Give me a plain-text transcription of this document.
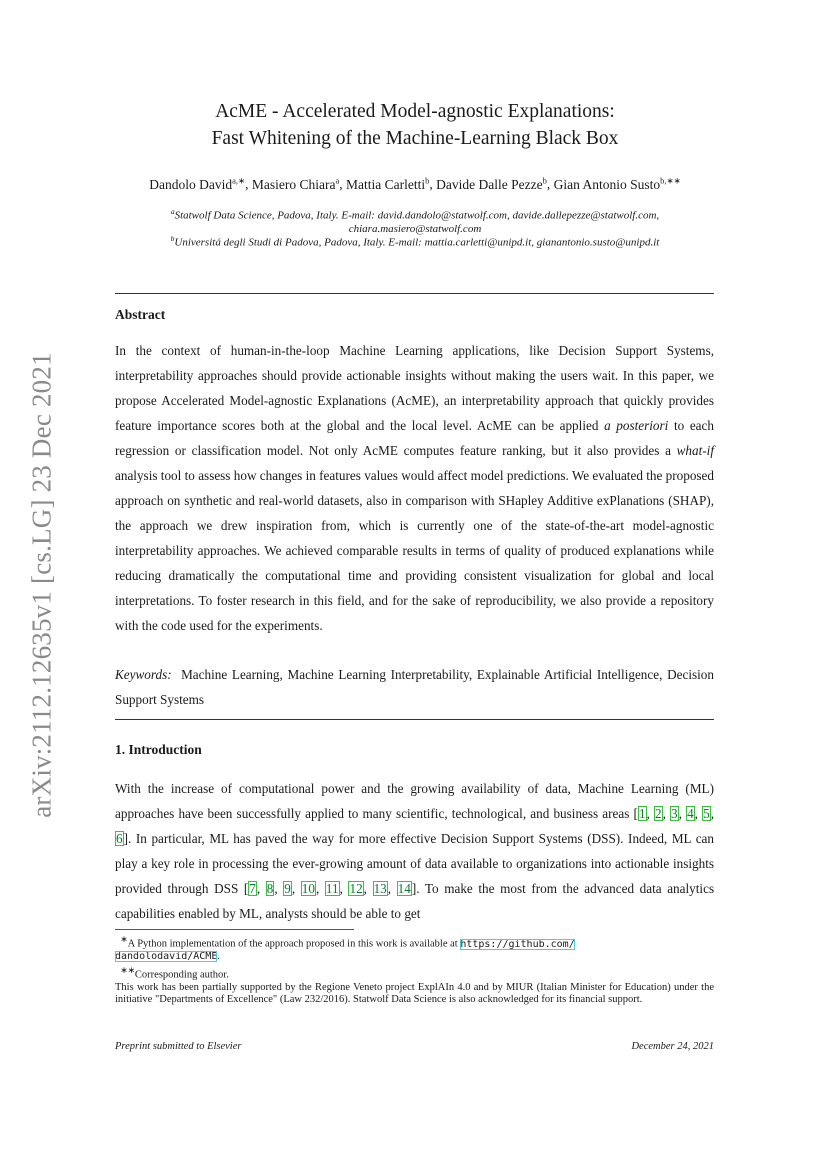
arXiv:2112.12635v1 [cs.LG] 23 Dec 2021
AcME - Accelerated Model-agnostic Explanations:
Fast Whitening of the Machine-Learning Black Box
Dandolo David$^{a,∗}$, Masiero Chiara$^a$, Mattia Carletti$^b$, Davide Dalle Pezze$^b$, Gian Antonio Susto$^{b,∗∗}$
$^a$Statwolf Data Science, Padova, Italy. E-mail: david.dandolo@statwolf.com, davide.dallepezze@statwolf.com,
chiara.masiero@statwolf.com
$^b$Universitá degli Studi di Padova, Padova, Italy. E-mail: mattia.carletti@unipd.it, gianantonio.susto@unipd.it
Abstract
In the context of human-in-the-loop Machine Learning applications, like Decision Support Systems, interpretability approaches should provide actionable insights without making the users wait. In this paper, we propose Accelerated Model-agnostic Explanations (AcME), an interpretability approach that quickly provides feature importance scores both at the global and the local level. AcME can be applied a posteriori to each regression or classification model. Not only AcME computes feature ranking, but it also provides a what-if analysis tool to assess how changes in features values would affect model predictions. We evaluated the proposed approach on synthetic and real-world datasets, also in comparison with SHapley Additive exPlanations (SHAP), the approach we drew inspiration from, which is currently one of the state-of-the-art model-agnostic interpretability approaches. We achieved comparable results in terms of quality of produced explanations while reducing dramatically the computational time and providing consistent visualization for global and local interpretations. To foster research in this field, and for the sake of reproducibility, we also provide a repository with the code used for the experiments.
Keywords: Machine Learning, Machine Learning Interpretability, Explainable Artificial Intelligence, Decision Support Systems
1. Introduction
With the increase of computational power and the growing availability of data, Machine Learning (ML) approaches have been successfully applied to many scientific, technological, and business areas [1, 2, 3, 4, 5, 6]. In particular, ML has paved the way for more effective Decision Support Systems (DSS). Indeed, ML can play a key role in processing the ever-growing amount of data available to organizations into actionable insights provided through DSS [7, 8, 9, 10, 11, 12, 13, 14]. To make the most from the advanced data analytics capabilities enabled by ML, analysts should be able to get
∗A Python implementation of the approach proposed in this work is available at https://github.com/
dandolodavid/ACME.
∗∗Corresponding author.
This work has been partially supported by the Regione Veneto project ExplAIn 4.0 and by MIUR (Italian Minister for Education) under the initiative "Departments of Excellence" (Law 232/2016). Statwolf Data Science is also acknowledged for its financial support.
Preprint submitted to Elsevier	December 24, 2021
